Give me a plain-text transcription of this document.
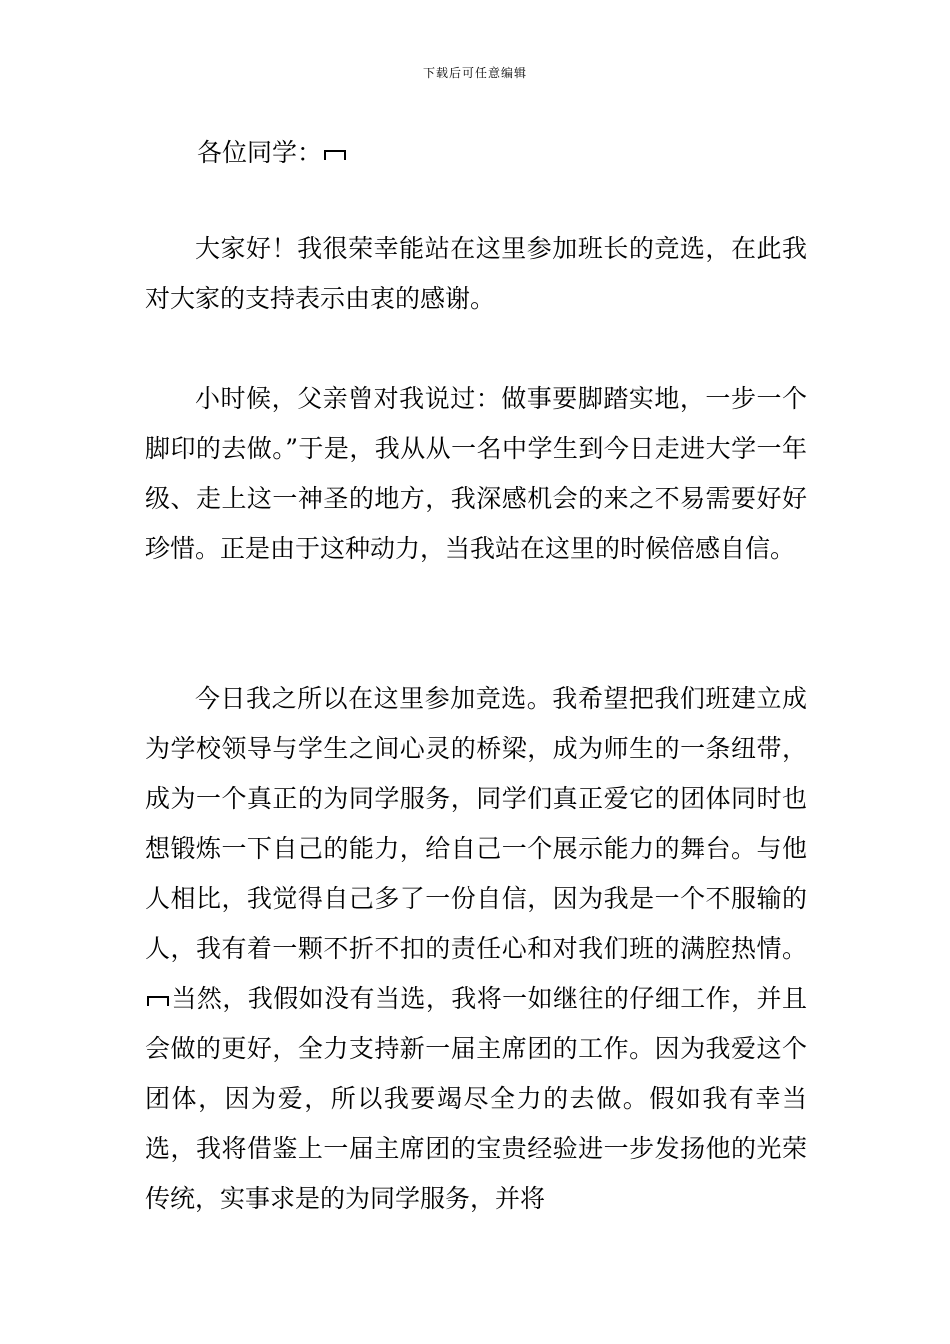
下载后可任意编辑
各位同学：

大家好！我很荣幸能站在这里参加班长的竞选，在此我对大家的支持表示由衷的感谢。

小时候，父亲曾对我说过：做事要脚踏实地，一步一个脚印的去做。”于是，我从从一名中学生到今日走进大学一年级、走上这一神圣的地方，我深感机会的来之不易需要好好珍惜。正是由于这种动力，当我站在这里的时候倍感自信。

今日我之所以在这里参加竞选。我希望把我们班建立成为学校领导与学生之间心灵的桥梁，成为师生的一条纽带，成为一个真正的为同学服务，同学们真正爱它的团体同时也想锻炼一下自己的能力，给自己一个展示能力的舞台。与他人相比，我觉得自己多了一份自信，因为我是一个不服输的人，我有着一颗不折不扣的责任心和对我们班的满腔热情。当然，我假如没有当选，我将一如继往的仔细工作，并且会做的更好，全力支持新一届主席团的工作。因为我爱这个团体，因为爱，所以我要竭尽全力的去做。假如我有幸当选，我将借鉴上一届主席团的宝贵经验进一步发扬他的光荣传统，实事求是的为同学服务，并将
